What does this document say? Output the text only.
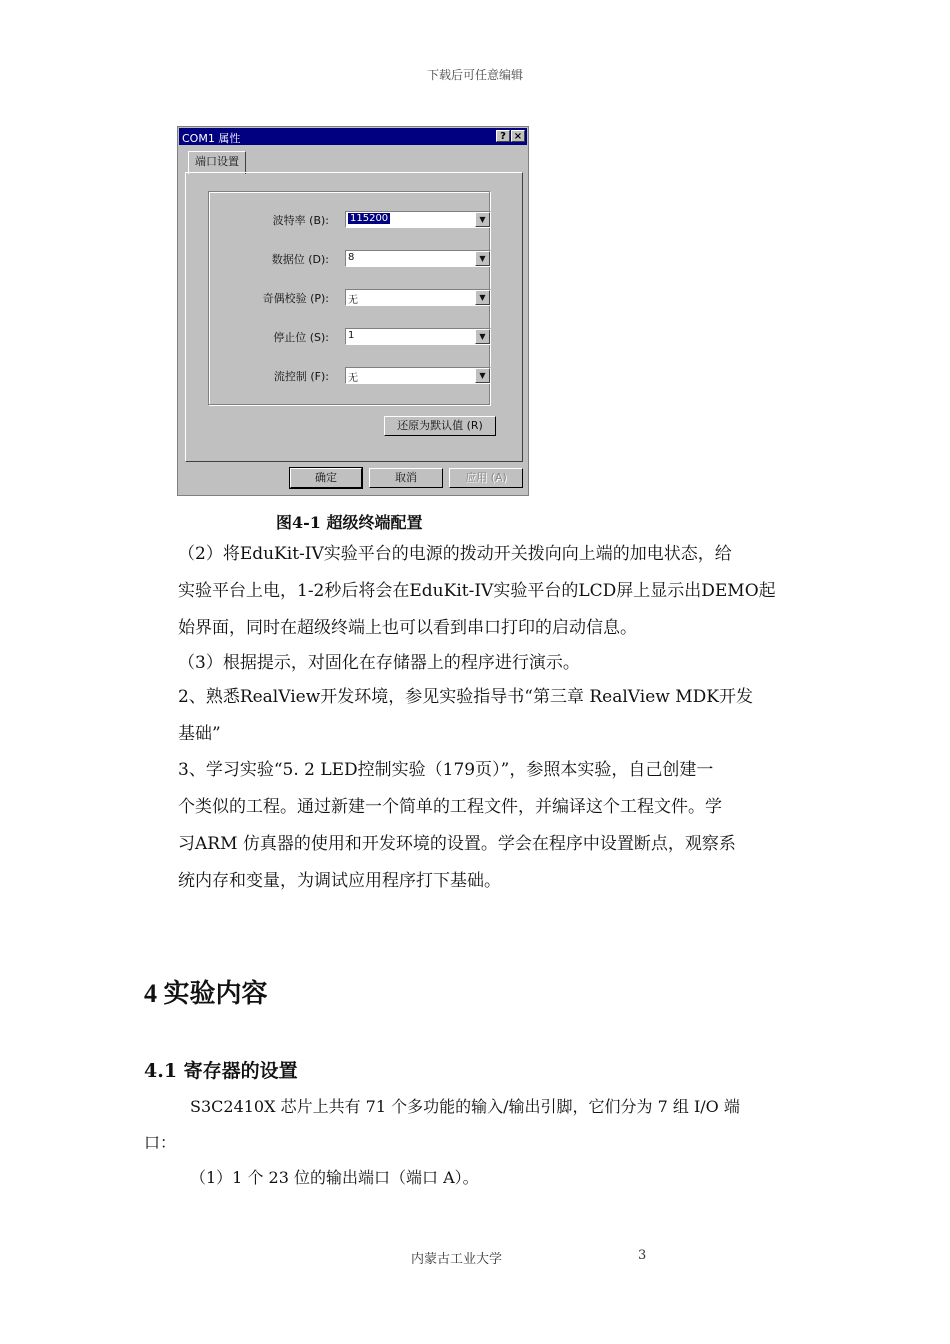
下载后可任意编辑
COM1 属性	? ×
端口设置
波特率 (B): 115200	▼
数据位 (D): 8	▼
奇偶校验 (P): 无	▼
停止位 (S): 1	▼
流控制 (F): 无	▼
还原为默认值 (R)
确定	取消	应用 (A)
图4-1 超级终端配置
（2）将EduKit-IV实验平台的电源的拨动开关拨向向上端的加电状态，给
实验平台上电，1-2秒后将会在EduKit-IV实验平台的LCD屏上显示出DEMO起
始界面，同时在超级终端上也可以看到串口打印的启动信息。
（3）根据提示，对固化在存储器上的程序进行演示。
2、熟悉RealView开发环境，参见实验指导书“第三章 RealView MDK开发
基础”
3、学习实验“5. 2 LED控制实验（179页）”，参照本实验，自己创建一
个类似的工程。通过新建一个简单的工程文件，并编译这个工程文件。学
习ARM 仿真器的使用和开发环境的设置。学会在程序中设置断点，观察系
统内存和变量，为调试应用程序打下基础。
4 实验内容
4.1 寄存器的设置
S3C2410X 芯片上共有 71 个多功能的输入/输出引脚，它们分为 7 组 I/O 端
口：
（1）1 个 23 位的输出端口（端口 A）。
内蒙古工业大学	3
